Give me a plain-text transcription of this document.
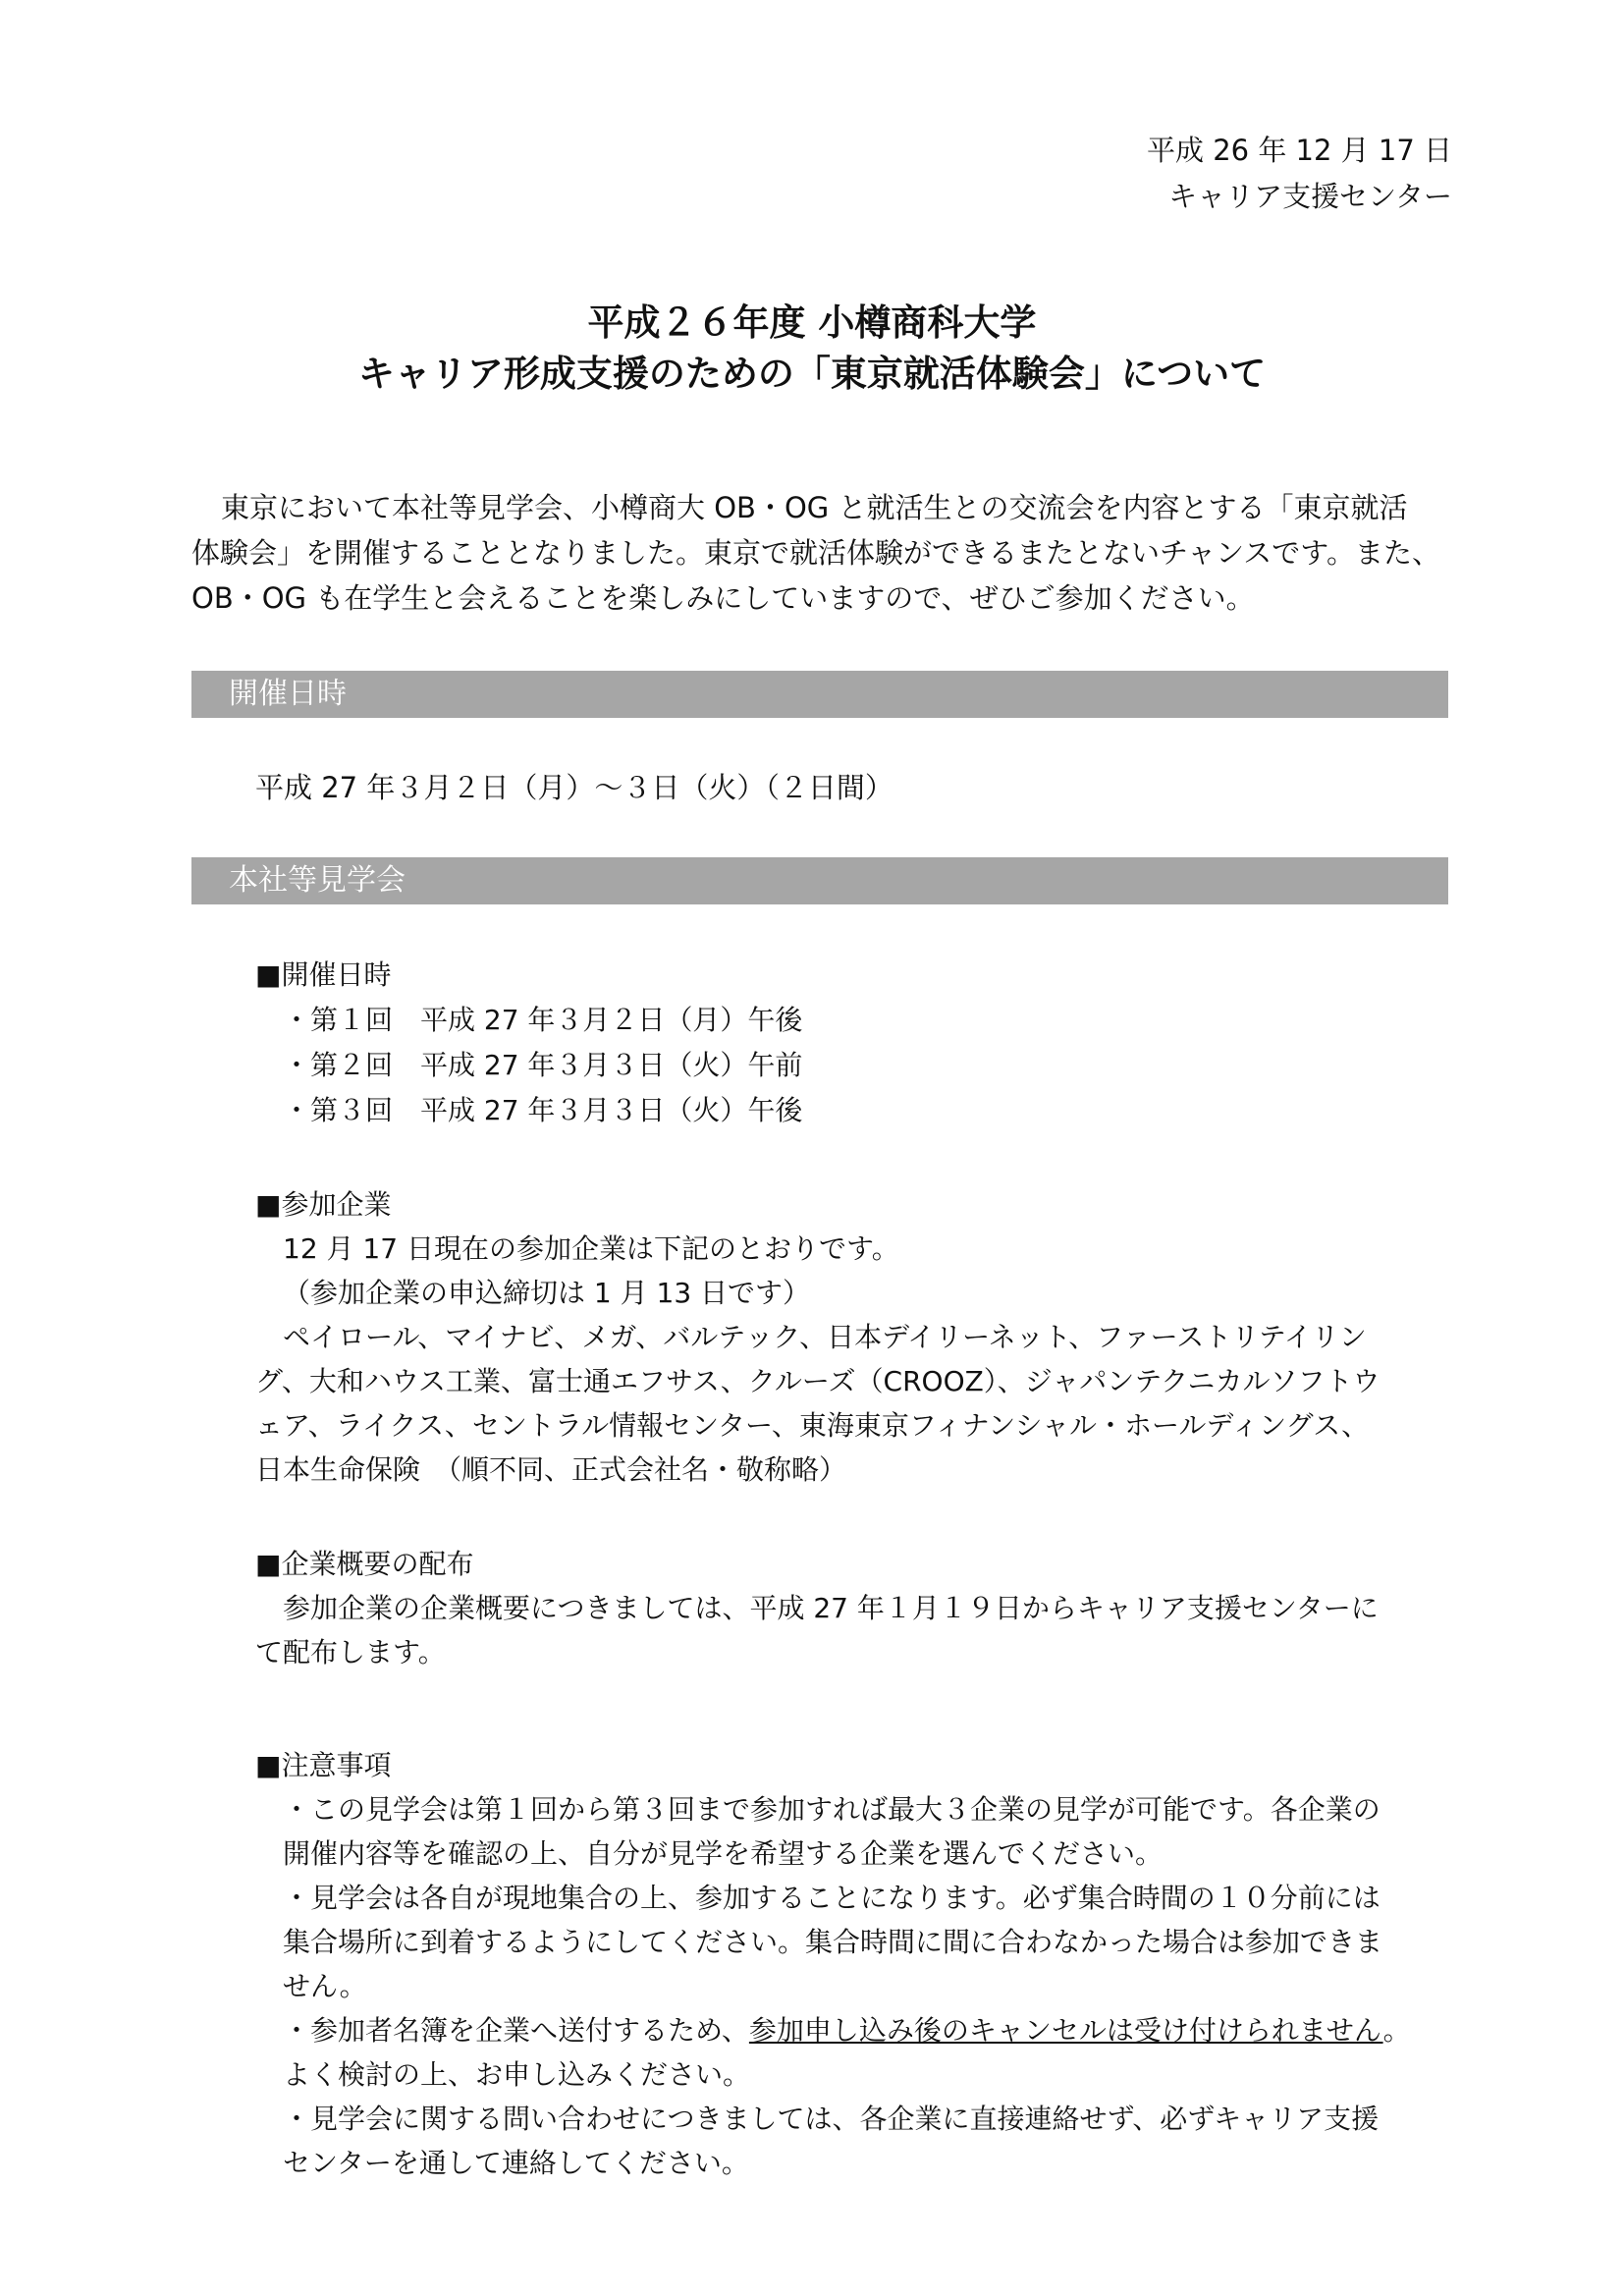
平成 26 年 12 月 17 日
キャリア支援センター
平成２６年度 小樽商科大学
キャリア形成支援のための「東京就活体験会」について
東京において本社等見学会、小樽商大 OB・OG と就活生との交流会を内容とする「東京就活
体験会」を開催することとなりました。東京で就活体験ができるまたとないチャンスです。また、
OB・OG も在学生と会えることを楽しみにしていますので、ぜひご参加ください。
開催日時
平成 27 年３月２日（月）～３日（火）（２日間）
本社等見学会
■開催日時
・第１回　平成 27 年３月２日（月）午後
・第２回　平成 27 年３月３日（火）午前
・第３回　平成 27 年３月３日（火）午後
■参加企業
12 月 17 日現在の参加企業は下記のとおりです。
（参加企業の申込締切は 1 月 13 日です）
ペイロール、マイナビ、メガ、バルテック、日本デイリーネット、ファーストリテイリン
グ、大和ハウス工業、富士通エフサス、クルーズ（CROOZ）、ジャパンテクニカルソフトウ
ェア、ライクス、セントラル情報センター、東海東京フィナンシャル・ホールディングス、
日本生命保険　（順不同、正式会社名・敬称略）
■企業概要の配布
参加企業の企業概要につきましては、平成 27 年１月１９日からキャリア支援センターに
て配布します。
■注意事項
・この見学会は第１回から第３回まで参加すれば最大３企業の見学が可能です。各企業の
開催内容等を確認の上、自分が見学を希望する企業を選んでください。
・見学会は各自が現地集合の上、参加することになります。必ず集合時間の１０分前には
集合場所に到着するようにしてください。集合時間に間に合わなかった場合は参加できま
せん。
・参加者名簿を企業へ送付するため、参加申し込み後のキャンセルは受け付けられません。
よく検討の上、お申し込みください。
・見学会に関する問い合わせにつきましては、各企業に直接連絡せず、必ずキャリア支援
センターを通して連絡してください。
